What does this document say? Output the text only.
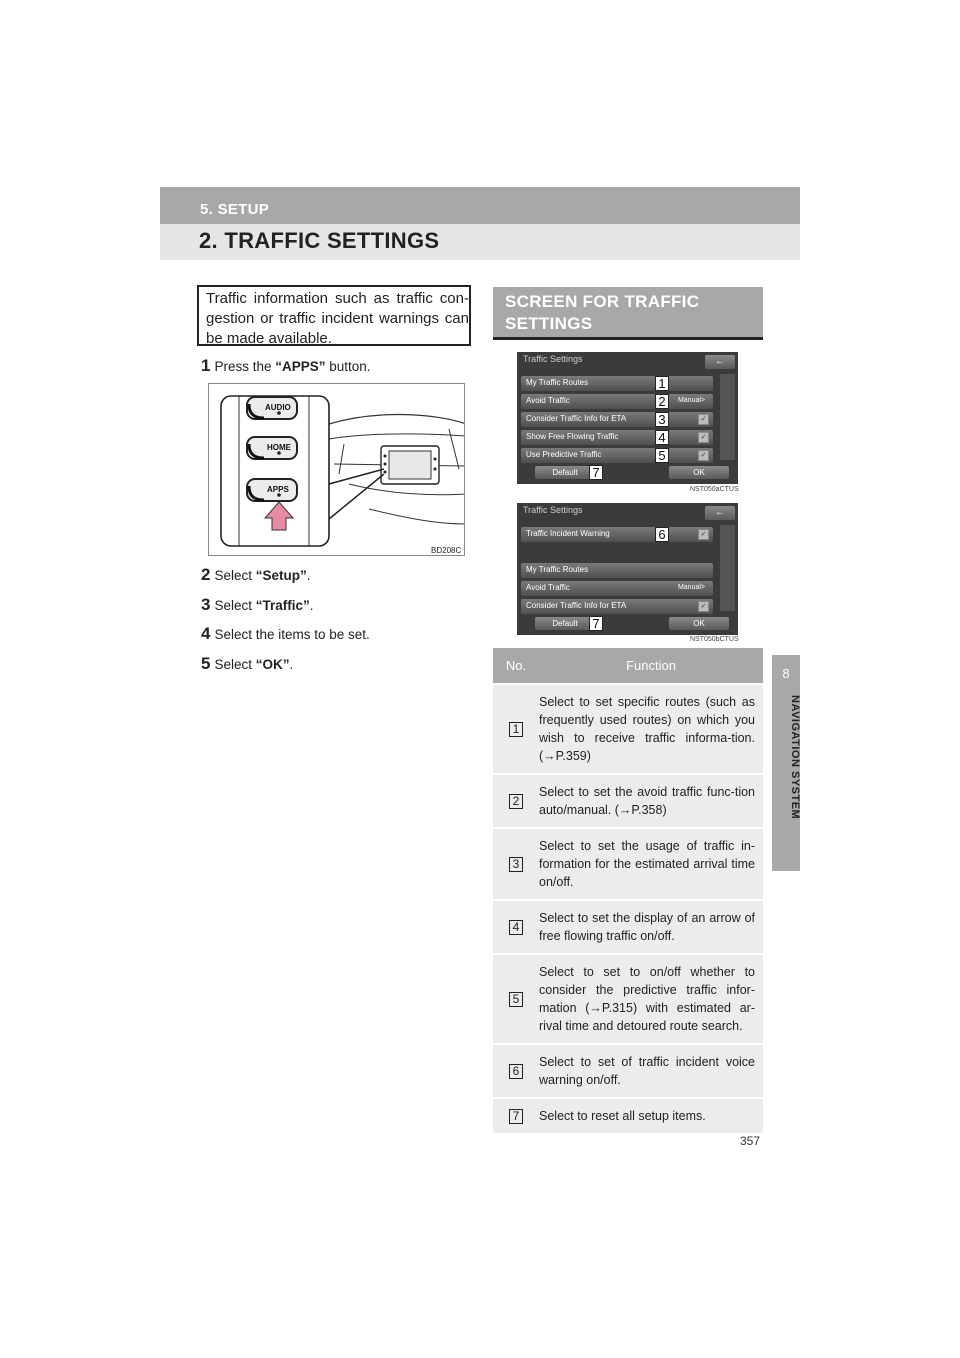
5. SETUP
2. TRAFFIC SETTINGS
8
NAVIGATION SYSTEM
Traffic information such as traffic con-gestion or traffic incident warnings can be made available.
1 Press the “APPS” button.
2 Select “Setup”.
3 Select “Traffic”.
4 Select the items to be set.
5 Select “OK”.
AUDIO
HOME
APPS
BD208C
SCREEN FOR TRAFFIC SETTINGS
Traffic Settings	←
My Traffic Routes	1
Avoid Traffic	Manual>
2
Consider Traffic Info for ETA	✓
3
Show Free Flowing Traffic	✓
4
Use Predictive Traffic	✓
5
Default	7	OK
NST050aCTUS
Traffic Settings	←
Traffic Incident Warning	✓
6
My Traffic Routes
Avoid Traffic	Manual>
Consider Traffic Info for ETA	✓
Default	7	OK
NST050bCTUS
No.	Function
1	Select to set specific routes (such as frequently used routes) on which you wish to receive traffic informa-tion. (→P.359)
2	Select to set the avoid traffic func-tion auto/manual. (→P.358)
3	Select to set the usage of traffic in-formation for the estimated arrival time on/off.
4	Select to set the display of an arrow of free flowing traffic on/off.
5	Select to set to on/off whether to consider the predictive traffic infor-mation (→P.315) with estimated ar-rival time and detoured route search.
6	Select to set of traffic incident voice warning on/off.
7	Select to reset all setup items.
357
